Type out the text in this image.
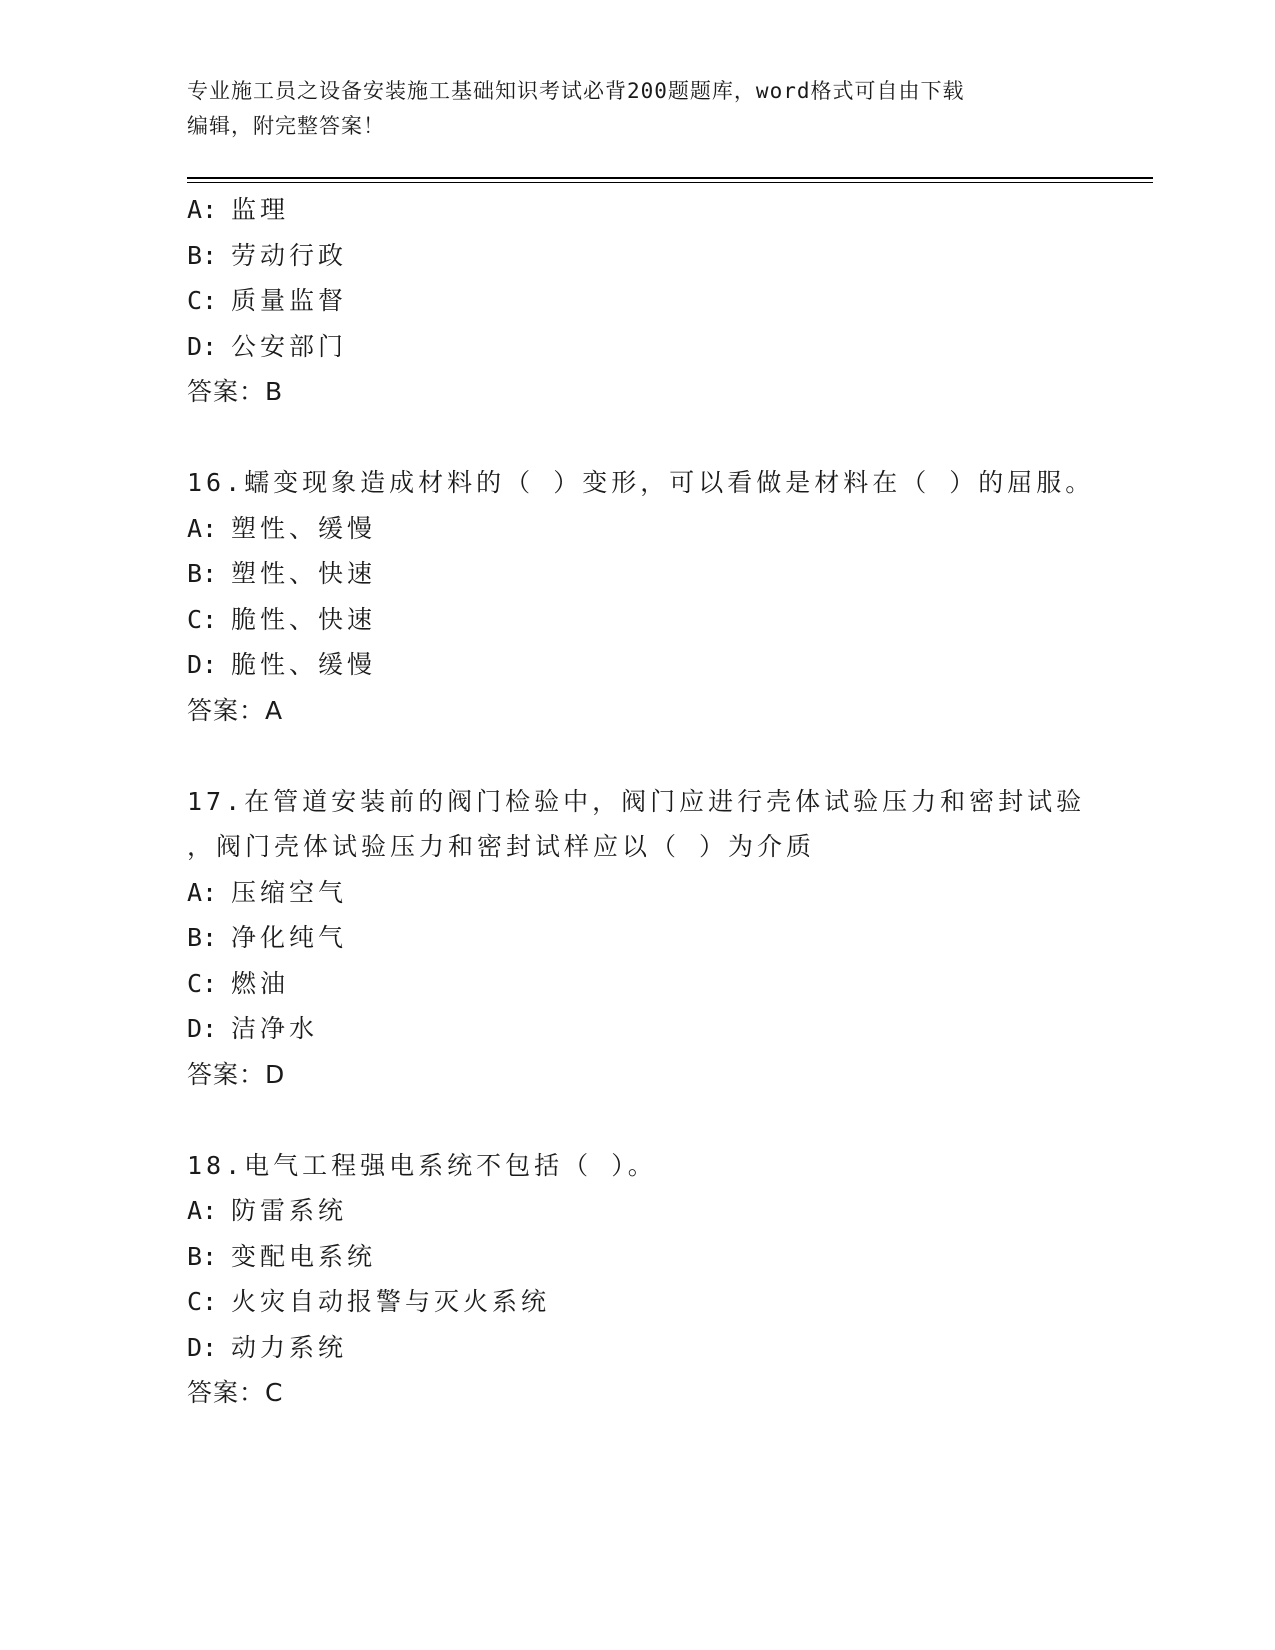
专业施工员之设备安装施工基础知识考试必背200题题库，word格式可自由下载
编辑，附完整答案！
A: 监理
B: 劳动行政
C: 质量监督
D: 公安部门
答案：B
16.蠕变现象造成材料的（ ）变形，可以看做是材料在（ ）的屈服。
A: 塑性、缓慢
B: 塑性、快速
C: 脆性、快速
D: 脆性、缓慢
答案：A
17.在管道安装前的阀门检验中，阀门应进行壳体试验压力和密封试验
，阀门壳体试验压力和密封试样应以（ ）为介质
A: 压缩空气
B: 净化纯气
C: 燃油
D: 洁净水
答案：D
18.电气工程强电系统不包括（ ）。
A: 防雷系统
B: 变配电系统
C: 火灾自动报警与灭火系统
D: 动力系统
答案：C
